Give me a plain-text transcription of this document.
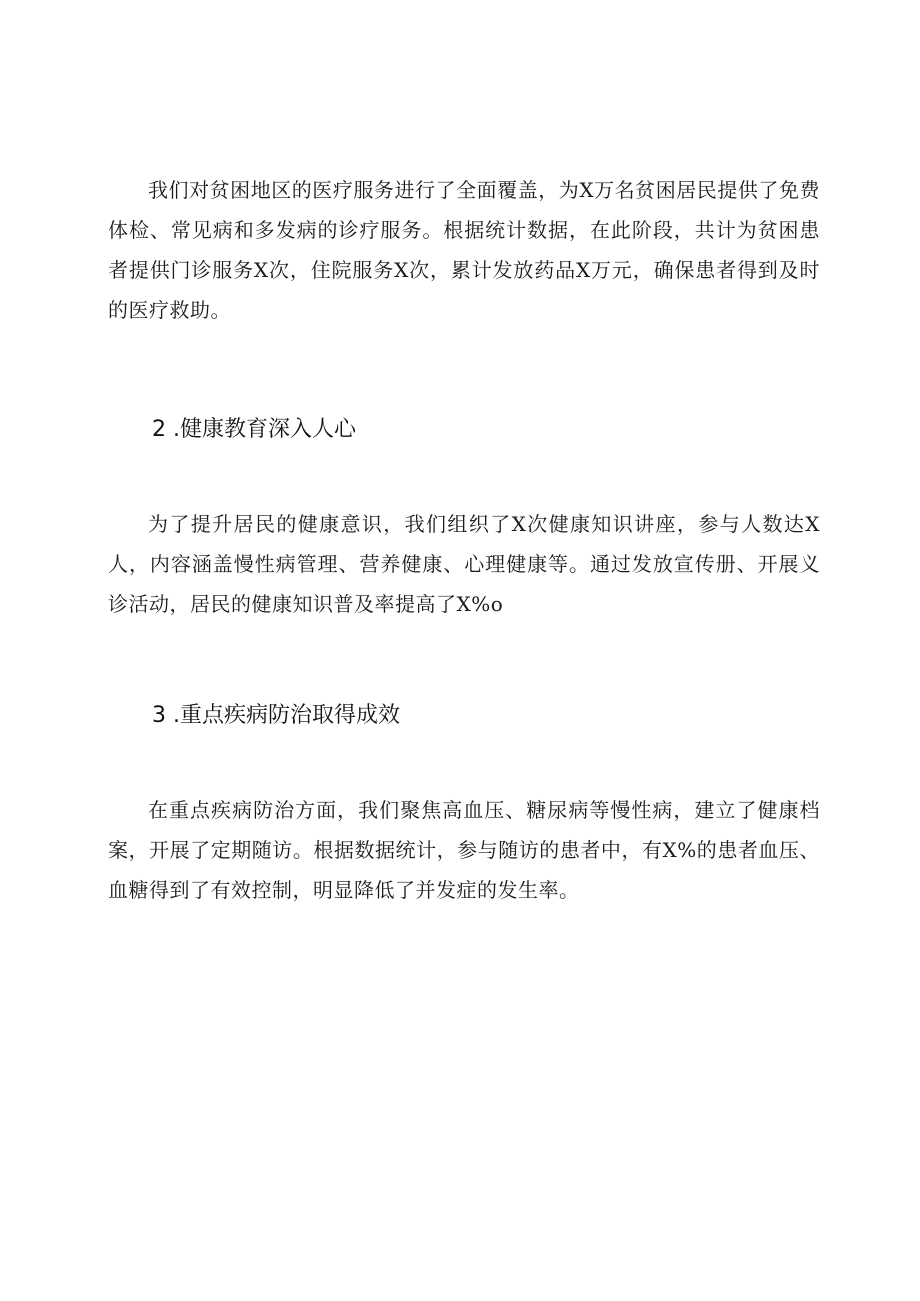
我们对贫困地区的医疗服务进行了全面覆盖，为X万名贫困居民提供了免费体检、常见病和多发病的诊疗服务。根据统计数据，在此阶段，共计为贫困患者提供门诊服务X次，住院服务X次，累计发放药品X万元，确保患者得到及时的医疗救助。

2 .健康教育深入人心

为了提升居民的健康意识，我们组织了X次健康知识讲座，参与人数达X人，内容涵盖慢性病管理、营养健康、心理健康等。通过发放宣传册、开展义诊活动，居民的健康知识普及率提高了X%o

3 .重点疾病防治取得成效

在重点疾病防治方面，我们聚焦高血压、糖尿病等慢性病，建立了健康档案，开展了定期随访。根据数据统计，参与随访的患者中，有X%的患者血压、血糖得到了有效控制，明显降低了并发症的发生率。
